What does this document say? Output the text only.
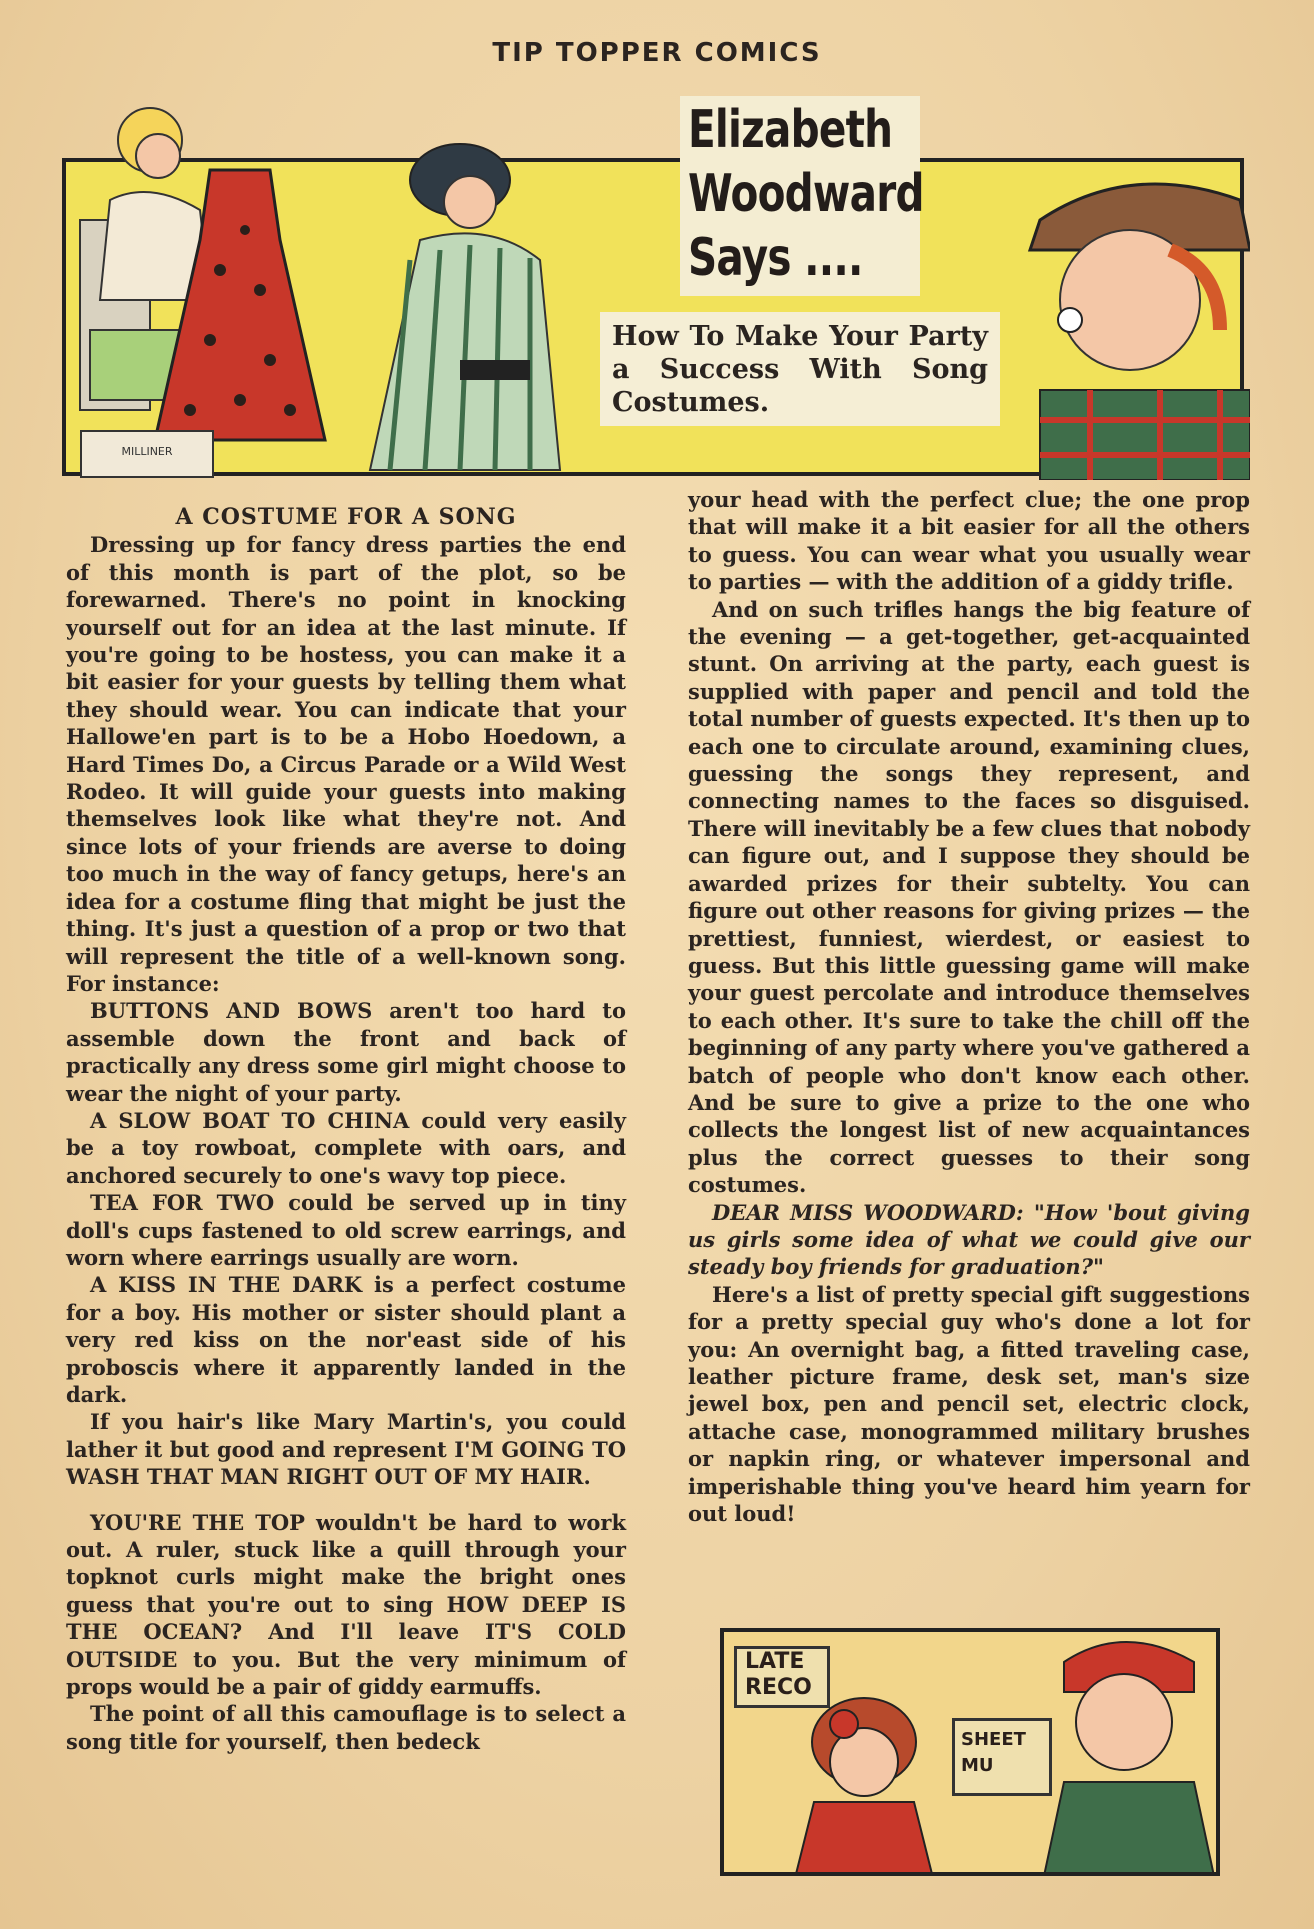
TIP TOPPER COMICS
MILLINER
Elizabeth
Woodward
Says ....
How To Make Your Party a Success With Song Costumes.

A COSTUME FOR A SONG

Dressing up for fancy dress parties the end of this month is part of the plot, so be forewarned. There's no point in knocking yourself out for an idea at the last minute. If you're going to be hostess, you can make it a bit easier for your guests by telling them what they should wear. You can indicate that your Hallowe'en part is to be a Hobo Hoedown, a Hard Times Do, a Circus Parade or a Wild West Rodeo. It will guide your guests into making themselves look like what they're not. And since lots of your friends are averse to doing too much in the way of fancy getups, here's an idea for a costume fling that might be just the thing. It's just a question of a prop or two that will represent the title of a well-known song. For instance:

BUTTONS AND BOWS aren't too hard to assemble down the front and back of practically any dress some girl might choose to wear the night of your party.

A SLOW BOAT TO CHINA could very easily be a toy rowboat, complete with oars, and anchored securely to one's wavy top piece.

TEA FOR TWO could be served up in tiny doll's cups fastened to old screw earrings, and worn where earrings usually are worn.

A KISS IN THE DARK is a perfect costume for a boy. His mother or sister should plant a very red kiss on the nor'east side of his proboscis where it apparently landed in the dark.

If you hair's like Mary Martin's, you could lather it but good and represent I'M GOING TO WASH THAT MAN RIGHT OUT OF MY HAIR.

YOU'RE THE TOP wouldn't be hard to work out. A ruler, stuck like a quill through your topknot curls might make the bright ones guess that you're out to sing HOW DEEP IS THE OCEAN? And I'll leave IT'S COLD OUTSIDE to you. But the very minimum of props would be a pair of giddy earmuffs.

The point of all this camouflage is to select a song title for yourself, then bedeck

your head with the perfect clue; the one prop that will make it a bit easier for all the others to guess. You can wear what you usually wear to parties — with the addition of a giddy trifle.

And on such trifles hangs the big feature of the evening — a get-together, get-acquainted stunt. On arriving at the party, each guest is supplied with paper and pencil and told the total number of guests expected. It's then up to each one to circulate around, examining clues, guessing the songs they represent, and connecting names to the faces so disguised. There will inevitably be a few clues that nobody can figure out, and I suppose they should be awarded prizes for their subtelty. You can figure out other reasons for giving prizes — the prettiest, funniest, wierdest, or easiest to guess. But this little guessing game will make your guest percolate and introduce themselves to each other. It's sure to take the chill off the beginning of any party where you've gathered a batch of people who don't know each other. And be sure to give a prize to the one who collects the longest list of new acquaintances plus the correct guesses to their song costumes.

DEAR MISS WOODWARD: "How 'bout giving us girls some idea of what we could give our steady boy friends for graduation?"

Here's a list of pretty special gift suggestions for a pretty special guy who's done a lot for you: An overnight bag, a fitted traveling case, leather picture frame, desk set, man's size jewel box, pen and pencil set, electric clock, attache case, monogrammed military brushes or napkin ring, or whatever impersonal and imperishable thing you've heard him yearn for out loud!

LATE
RECO
SHEET
MU
